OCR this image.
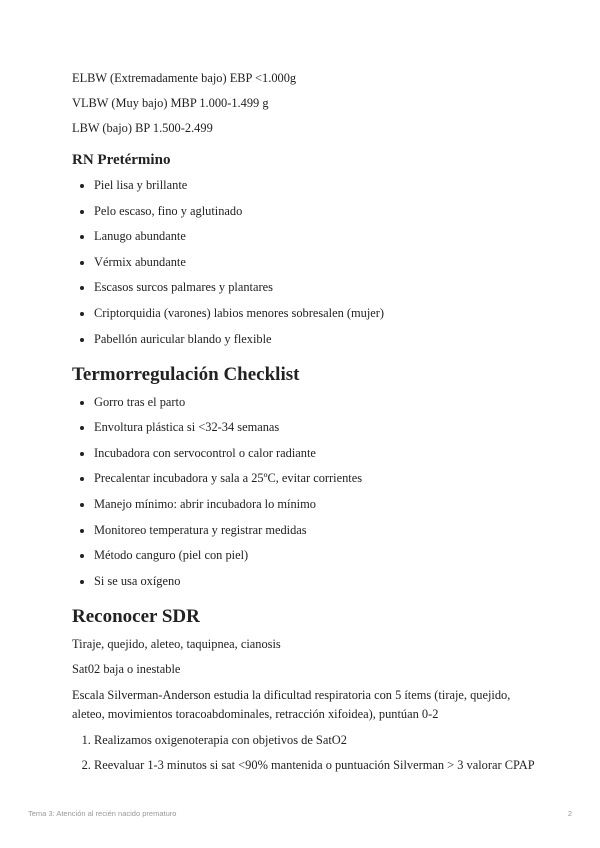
ELBW (Extremadamente bajo) EBP <1.000g
VLBW (Muy bajo) MBP 1.000-1.499 g
LBW (bajo) BP 1.500-2.499
RN Pretérmino
• Piel lisa y brillante
• Pelo escaso, fino y aglutinado
• Lanugo abundante
• Vérmix abundante
• Escasos surcos palmares y plantares
• Criptorquidia (varones) labios menores sobresalen (mujer)
• Pabellón auricular blando y flexible
Termorregulación Checklist
• Gorro tras el parto
• Envoltura plástica si <32-34 semanas
• Incubadora con servocontrol o calor radiante
• Precalentar incubadora y sala a 25ºC, evitar corrientes
• Manejo mínimo: abrir incubadora lo mínimo
• Monitoreo temperatura y registrar medidas
• Método canguro (piel con piel)
• Si se usa oxígeno
Reconocer SDR
Tiraje, quejido, aleteo, taquipnea, cianosis
Sat02 baja o inestable
Escala Silverman-Anderson estudia la dificultad respiratoria con 5 ítems (tiraje, quejido, aleteo, movimientos toracoabdominales, retracción xifoidea), puntúan 0-2
1. Realizamos oxigenoterapia con objetivos de SatO2
2. Reevaluar 1-3 minutos si sat <90% mantenida o puntuación Silverman > 3 valorar CPAP
Tema 3: Atención al recién nacido prematuro	2
